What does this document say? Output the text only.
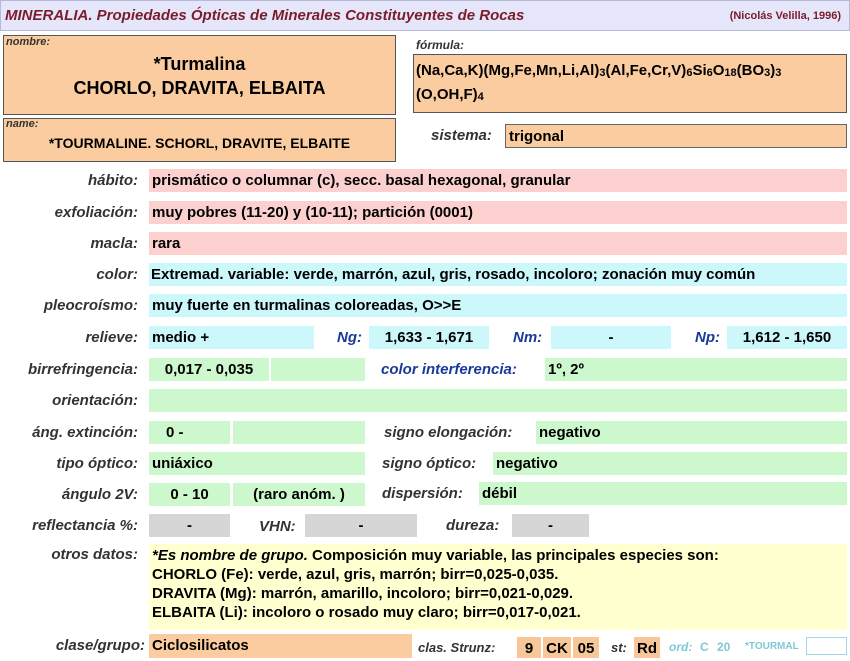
MINERALIA. Propiedades Ópticas de Minerales Constituyentes de Rocas	(Nicolás Velilla, 1996)
nombre:
*Turmalina
CHORLO, DRAVITA, ELBAITA
name:
*TOURMALINE. SCHORL, DRAVITE, ELBAITE
fórmula:
$(Na,Ca,K)(Mg,Fe,Mn,Li,Al)_3(Al,Fe,Cr,V)_6Si_6O_{18}(BO_3)_3$
$(O,OH,F)_4$
sistema: trigonal
hábito: prismático o columnar (c), secc. basal hexagonal, granular
exfoliación: muy pobres (11-20) y (10-11); partición (0001)
macla: rara
color: Extremad. variable: verde, marrón, azul, gris, rosado, incoloro; zonación muy común
pleocroísmo: muy fuerte en turmalinas coloreadas, O>>E
relieve: medio +	Ng:	1,633 - 1,671	Nm:	-	Np:	1,612 - 1,650
birrefringencia:	0,017 - 0,035	color interferencia: 1º, 2º
orientación:
áng. extinción:	0 -	signo elongación: negativo
tipo óptico: uniáxico	signo óptico: negativo
ángulo 2V:	0 - 10	(raro anóm. )	dispersión: débil
reflectancia %:	-	VHN:	-	dureza:	-
otros datos: *Es nombre de grupo. Composición muy variable, las principales especies son:
CHORLO (Fe): verde, azul, gris, marrón; birr=0,025-0,035.
DRAVITA (Mg): marrón, amarillo, incoloro; birr=0,021-0,029.
ELBAITA (Li): incoloro o rosado muy claro; birr=0,017-0,021.
clase/grupo: Ciclosilicatos	clas. Strunz:	9 CK 05	st: Rd ord: C 20 *TOURMAL
